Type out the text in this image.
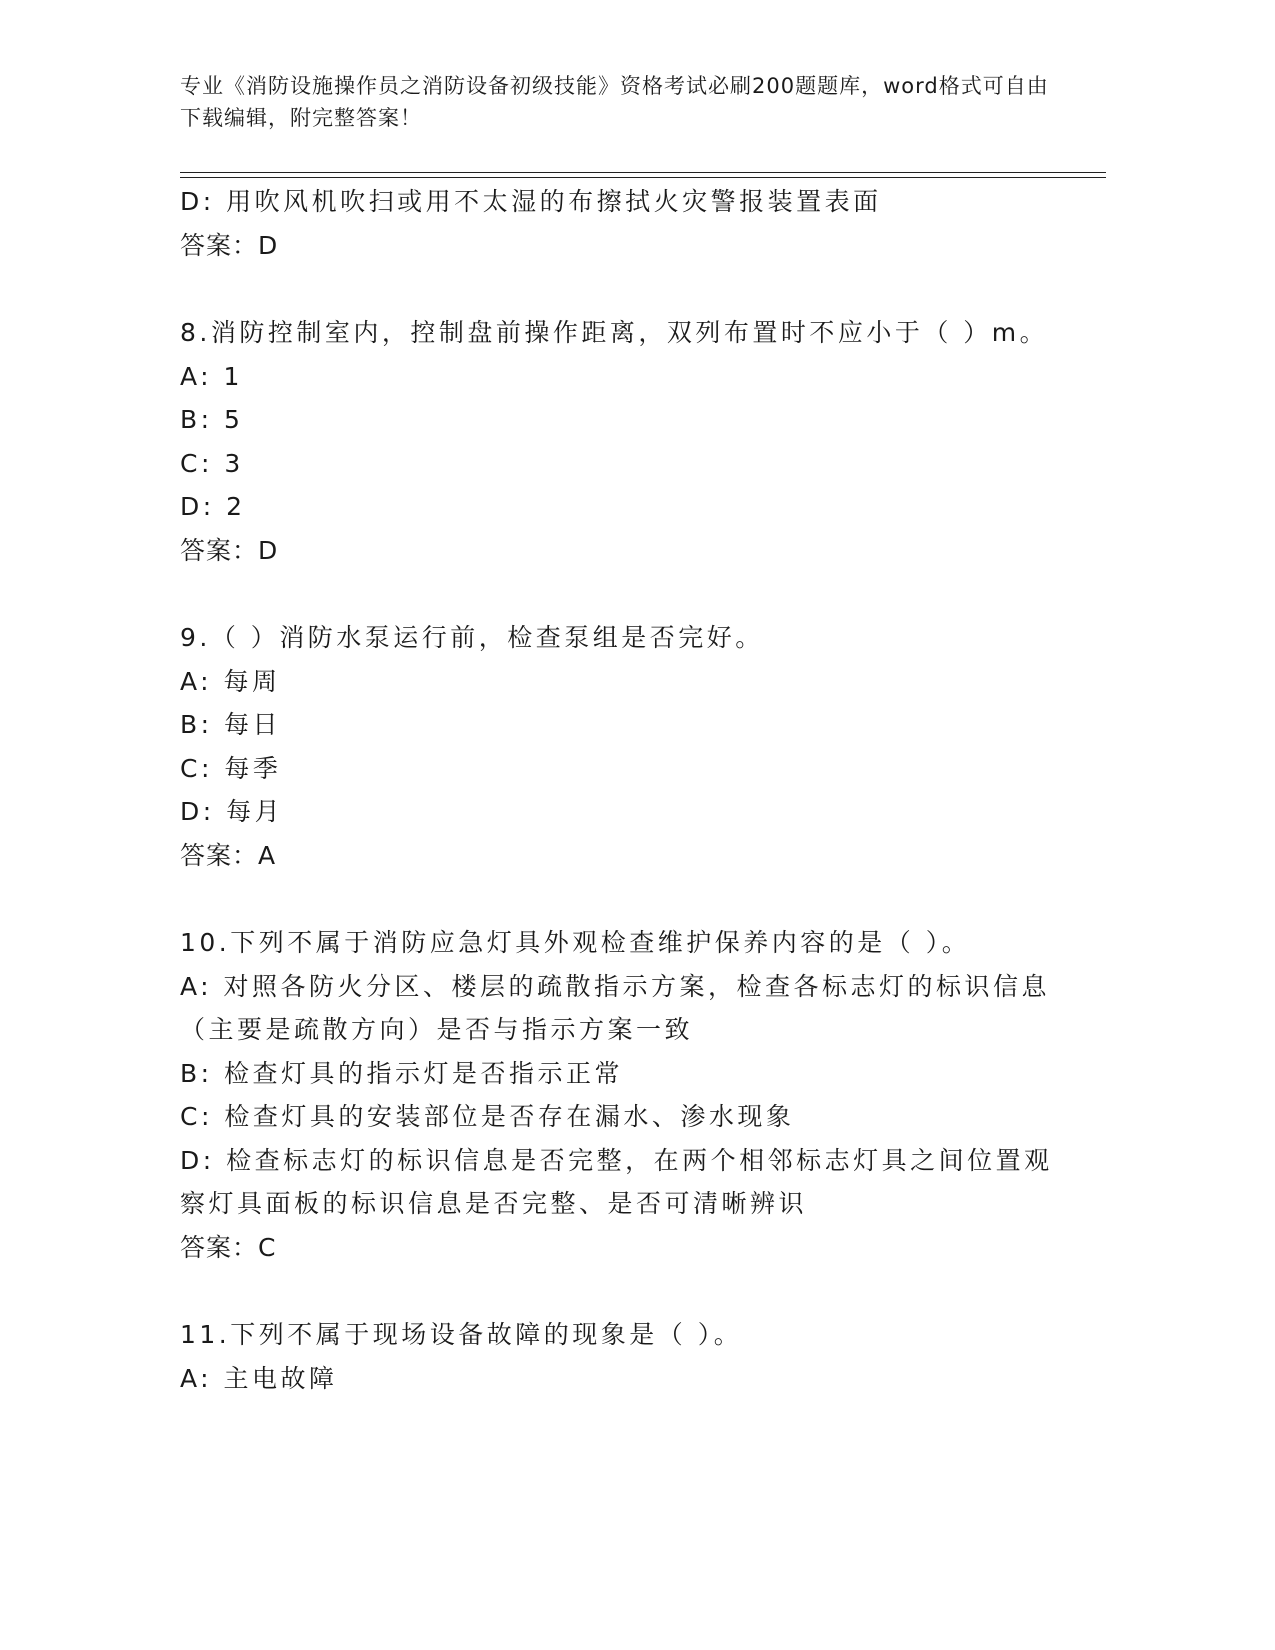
专业《消防设施操作员之消防设备初级技能》资格考试必刷200题题库，word格式可自由下载编辑，附完整答案！
D: 用吹风机吹扫或用不太湿的布擦拭火灾警报装置表面
答案：D
8.消防控制室内，控制盘前操作距离，双列布置时不应小于（ ）m。
A: 1
B: 5
C: 3
D: 2
答案：D
9.（ ）消防水泵运行前，检查泵组是否完好。
A: 每周
B: 每日
C: 每季
D: 每月
答案：A
10.下列不属于消防应急灯具外观检查维护保养内容的是（ ）。
A: 对照各防火分区、楼层的疏散指示方案，检查各标志灯的标识信息（主要是疏散方向）是否与指示方案一致
B: 检查灯具的指示灯是否指示正常
C: 检查灯具的安装部位是否存在漏水、渗水现象
D: 检查标志灯的标识信息是否完整，在两个相邻标志灯具之间位置观察灯具面板的标识信息是否完整、是否可清晰辨识
答案：C
11.下列不属于现场设备故障的现象是（ ）。
A: 主电故障
